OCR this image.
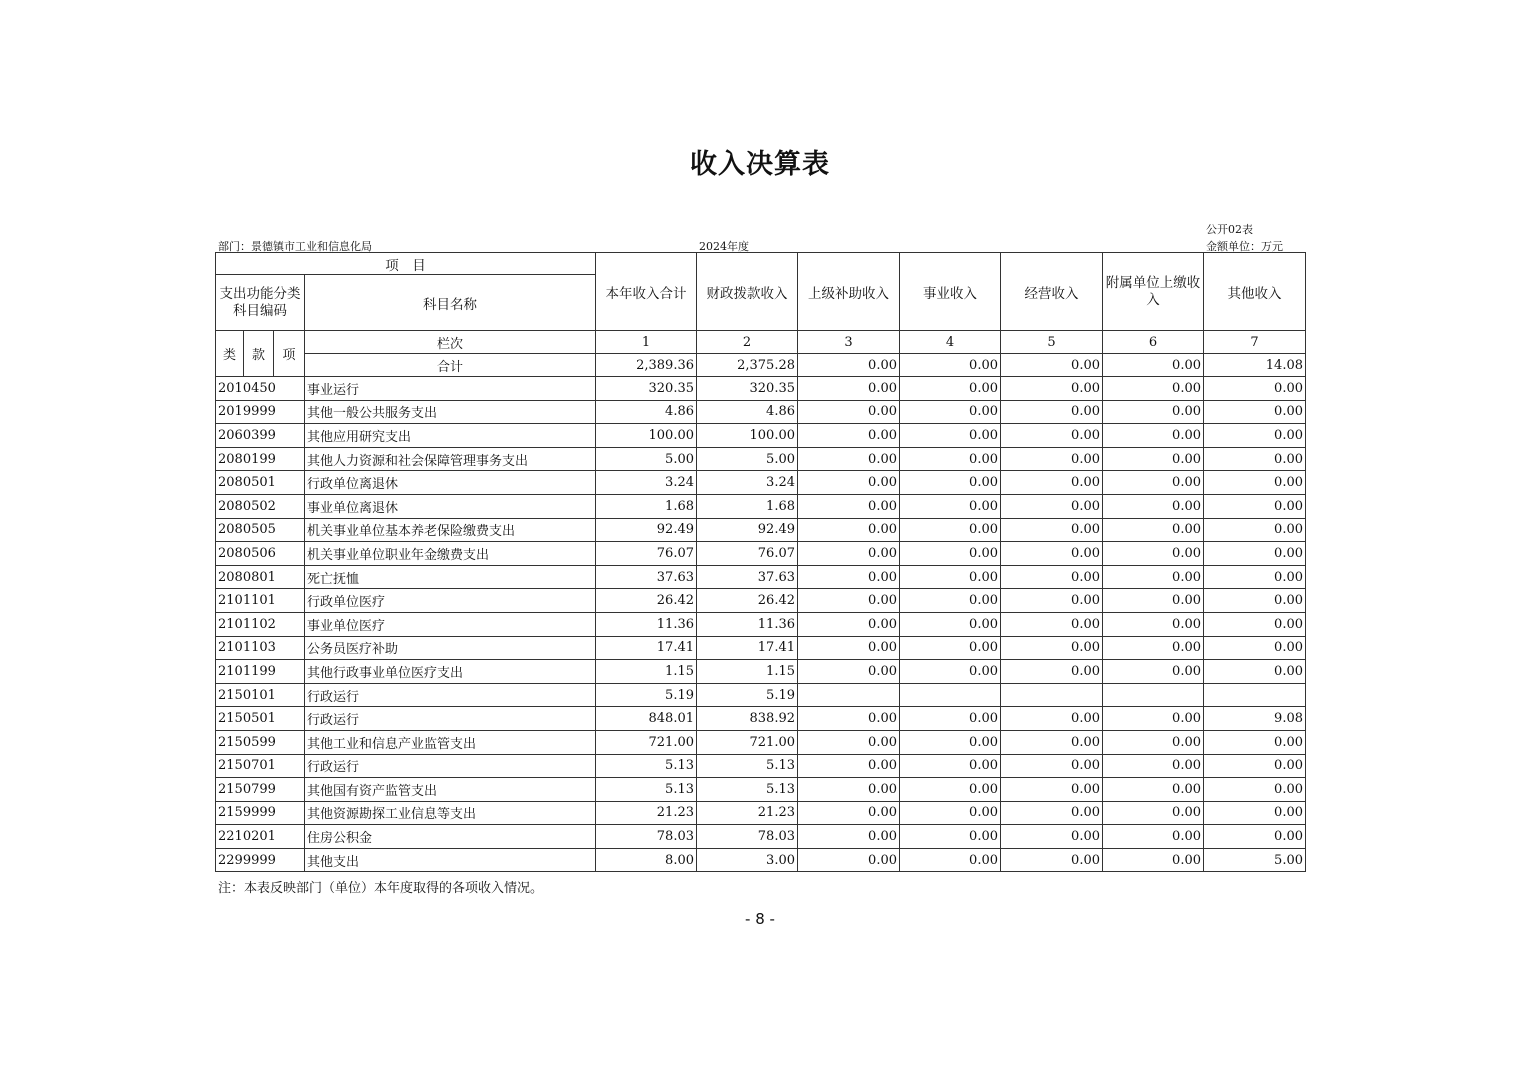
收入决算表
公开02表
部门：景德镇市工业和信息化局	2024年度	金额单位：万元
项　目				本年收入合计	财政拨款收入	上级补助收入	事业收入	经营收入	附属单位上缴收入	其他收入
支出功能分类科目编码			科目名称							
类	款	项	栏次	1	2	3	4	5	6	7
			合计	2,389.36	2,375.28	0.00	0.00	0.00	0.00	14.08
2010450			事业运行	320.35	320.35	0.00	0.00	0.00	0.00	0.00
2019999			其他一般公共服务支出	4.86	4.86	0.00	0.00	0.00	0.00	0.00
2060399			其他应用研究支出	100.00	100.00	0.00	0.00	0.00	0.00	0.00
2080199			其他人力资源和社会保障管理事务支出	5.00	5.00	0.00	0.00	0.00	0.00	0.00
2080501			行政单位离退休	3.24	3.24	0.00	0.00	0.00	0.00	0.00
2080502			事业单位离退休	1.68	1.68	0.00	0.00	0.00	0.00	0.00
2080505			机关事业单位基本养老保险缴费支出	92.49	92.49	0.00	0.00	0.00	0.00	0.00
2080506			机关事业单位职业年金缴费支出	76.07	76.07	0.00	0.00	0.00	0.00	0.00
2080801			死亡抚恤	37.63	37.63	0.00	0.00	0.00	0.00	0.00
2101101			行政单位医疗	26.42	26.42	0.00	0.00	0.00	0.00	0.00
2101102			事业单位医疗	11.36	11.36	0.00	0.00	0.00	0.00	0.00
2101103			公务员医疗补助	17.41	17.41	0.00	0.00	0.00	0.00	0.00
2101199			其他行政事业单位医疗支出	1.15	1.15	0.00	0.00	0.00	0.00	0.00
2150101			行政运行	5.19	5.19					
2150501			行政运行	848.01	838.92	0.00	0.00	0.00	0.00	9.08
2150599			其他工业和信息产业监管支出	721.00	721.00	0.00	0.00	0.00	0.00	0.00
2150701			行政运行	5.13	5.13	0.00	0.00	0.00	0.00	0.00
2150799			其他国有资产监管支出	5.13	5.13	0.00	0.00	0.00	0.00	0.00
2159999			其他资源勘探工业信息等支出	21.23	21.23	0.00	0.00	0.00	0.00	0.00
2210201			住房公积金	78.03	78.03	0.00	0.00	0.00	0.00	0.00
2299999			其他支出	8.00	3.00	0.00	0.00	0.00	0.00	5.00
注：本表反映部门（单位）本年度取得的各项收入情况。
- 8 -
